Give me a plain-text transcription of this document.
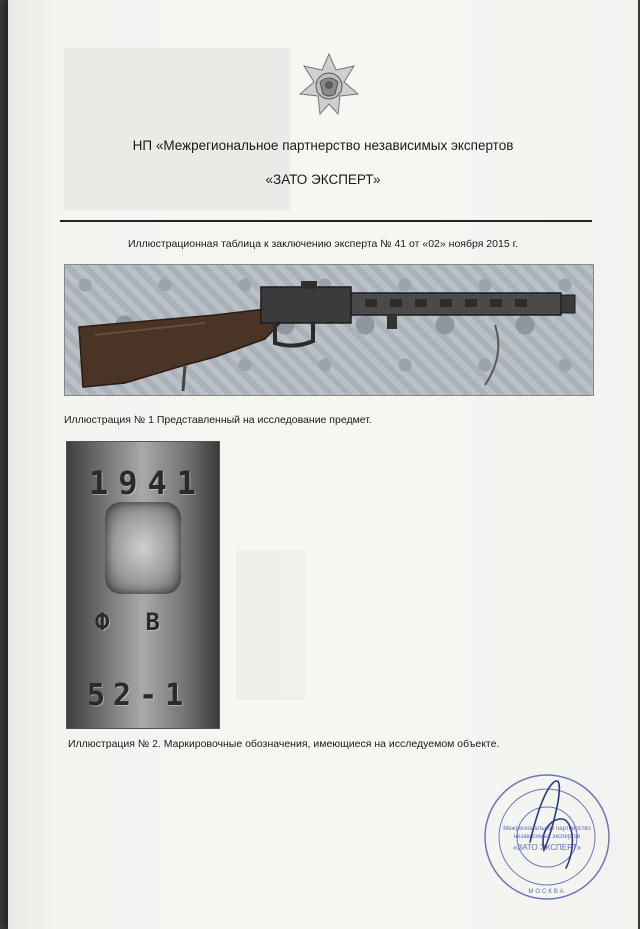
НП «Межрегиональное партнерство независимых экспертов
«ЗАТО ЭКСПЕРТ»
Иллюстрационная таблица к заключению эксперта № 41 от «02» ноября 2015 г.
Иллюстрация № 1 Представленный на исследование предмет.
1941
ФВ
52-1
Иллюстрация № 2. Маркировочные обозначения, имеющиеся на исследуемом объекте.
Межрегиональное партнерство
независимых экспертов
«ЗАТО ЭКСПЕРТ»
МОСКВА
